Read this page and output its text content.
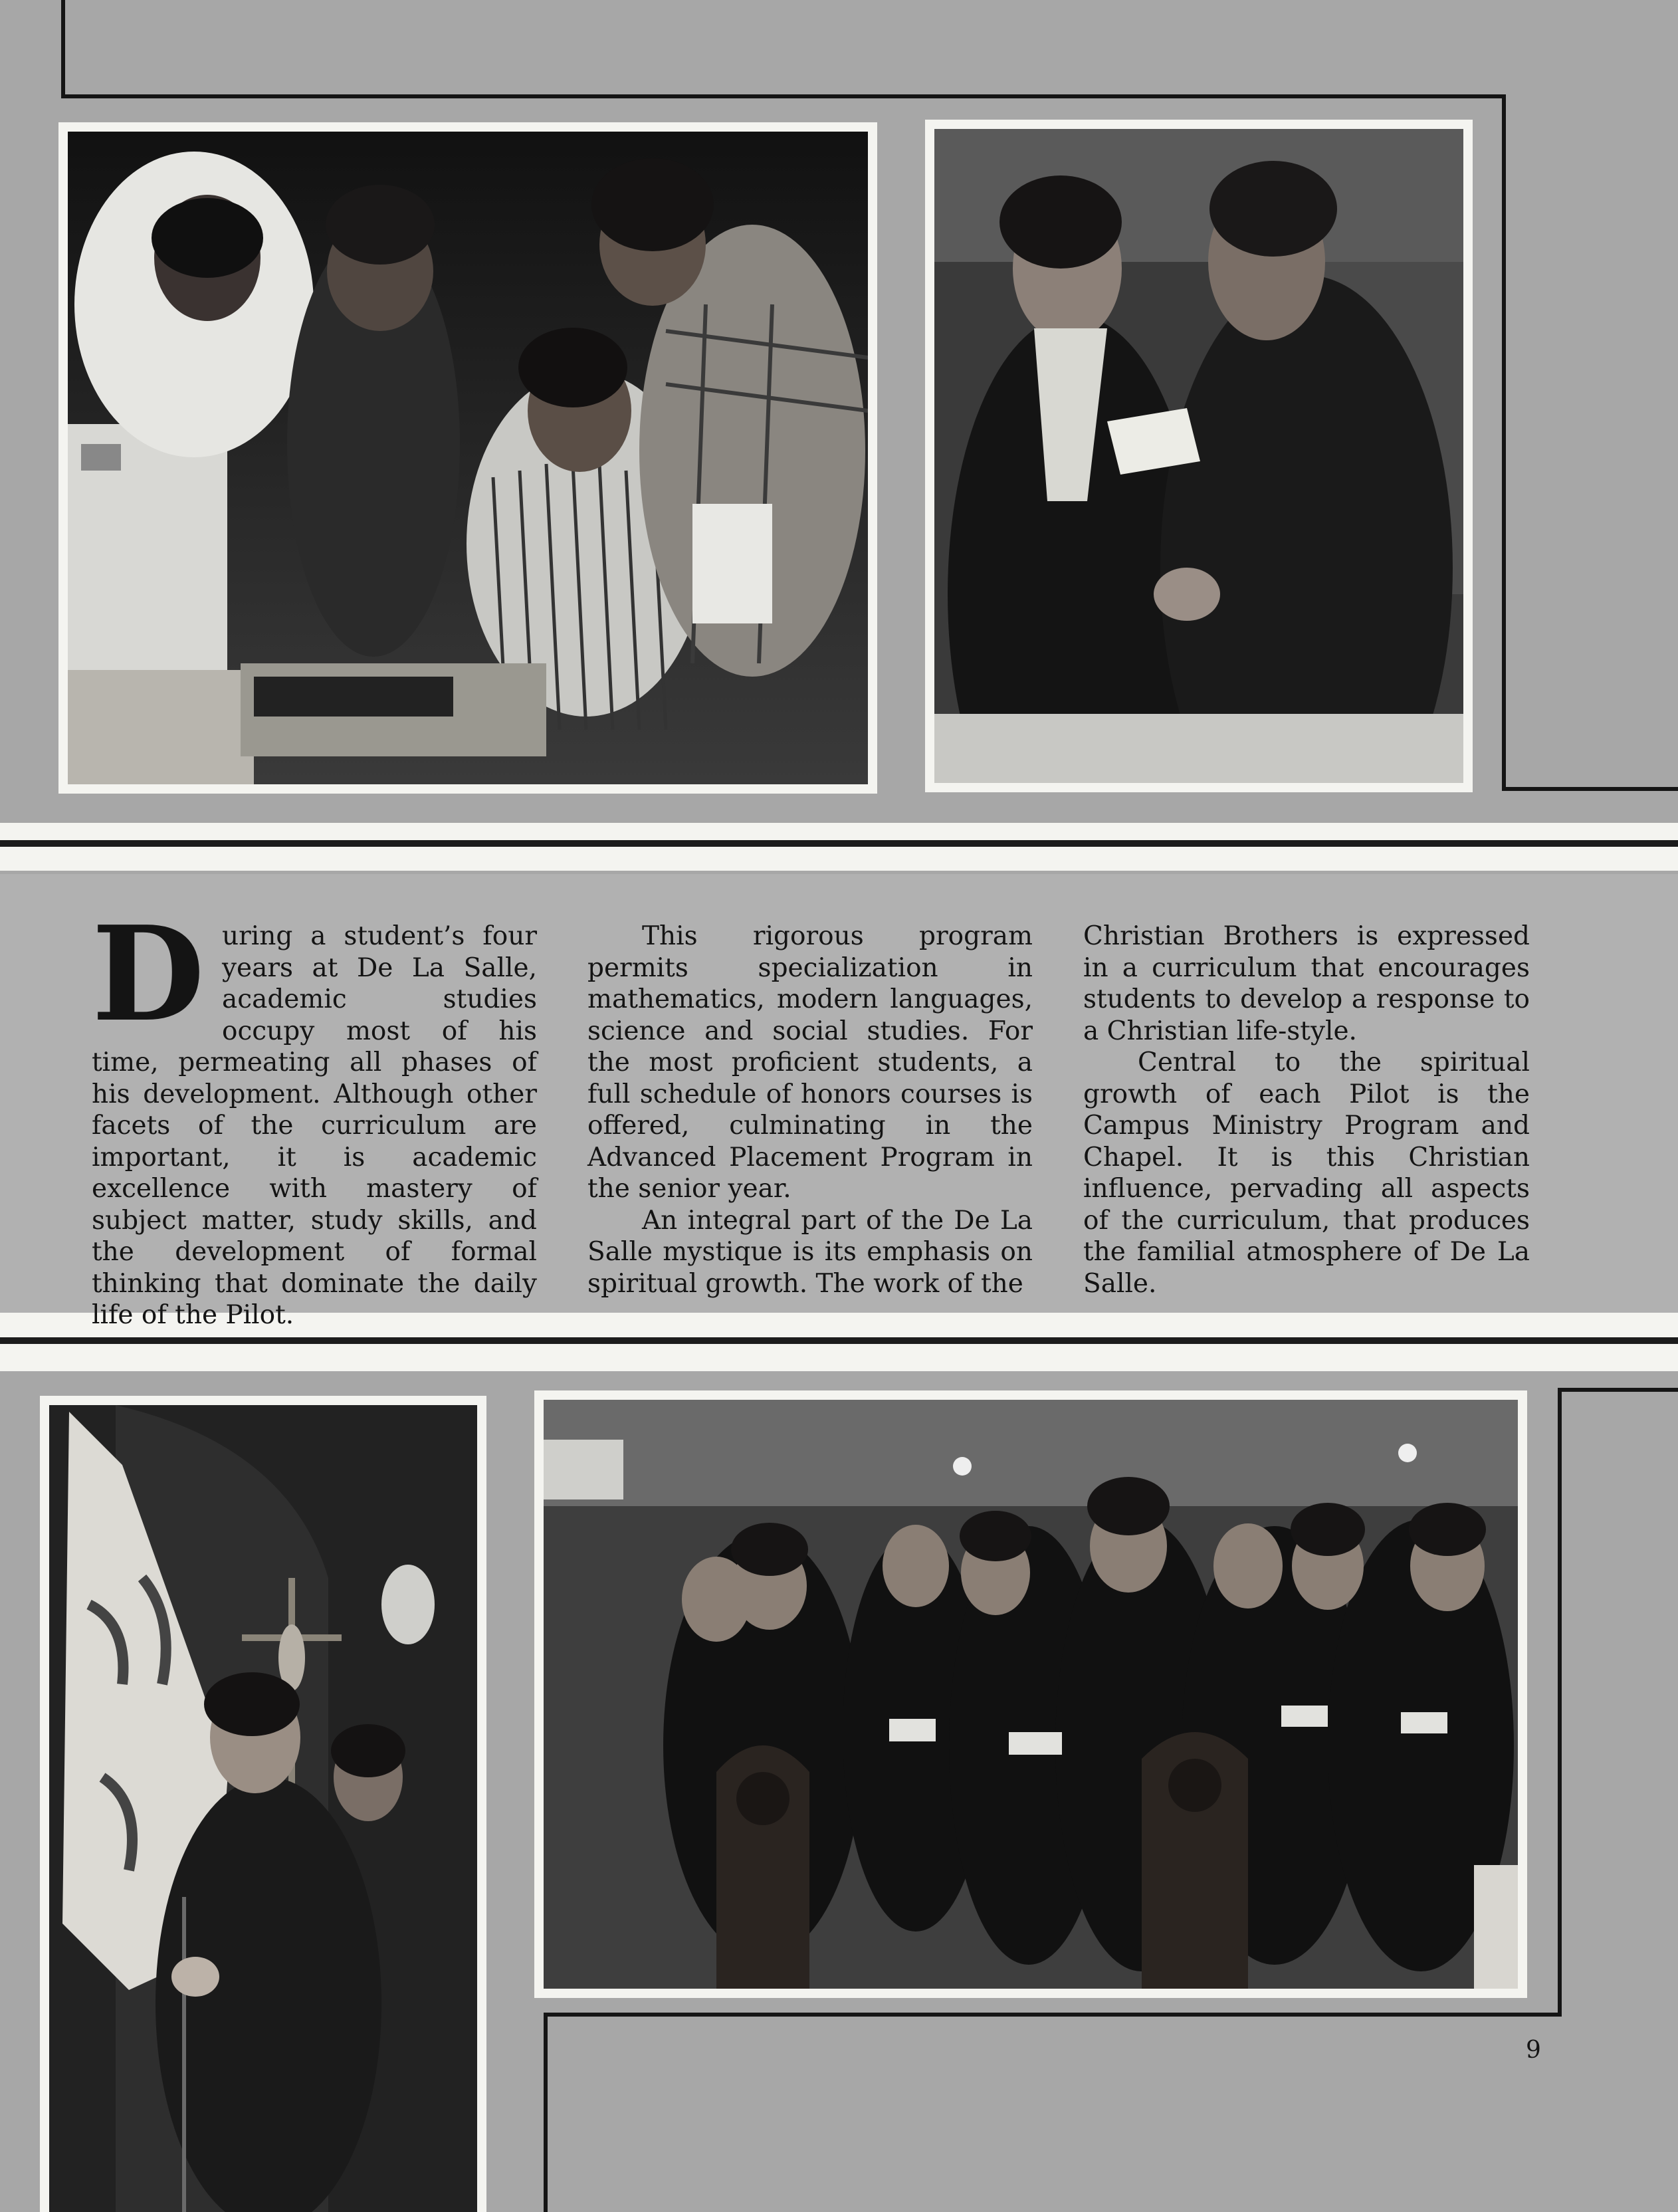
D uring a student’s four years at De La Salle, academic studies occupy most of his time, permeating all phases of his development. Although other facets of the curriculum are important, it is academic excellence with mastery of subject matter, study skills, and the development of formal thinking that dominate the daily life of the Pilot.

This rigorous program permits specialization in mathematics, modern languages, science and social studies. For the most proficient students, a full schedule of honors courses is offered, culminating in the Advanced Placement Program in the senior year.

An integral part of the De La Salle mystique is its emphasis on spiritual growth. The work of the

Christian Brothers is expressed in a curriculum that encourages students to develop a response to a Christian life-style.

Central to the spiritual growth of each Pilot is the Campus Ministry Program and Chapel. It is this Christian influence, pervading all aspects of the curriculum, that produces the familial atmosphere of De La Salle.

9
